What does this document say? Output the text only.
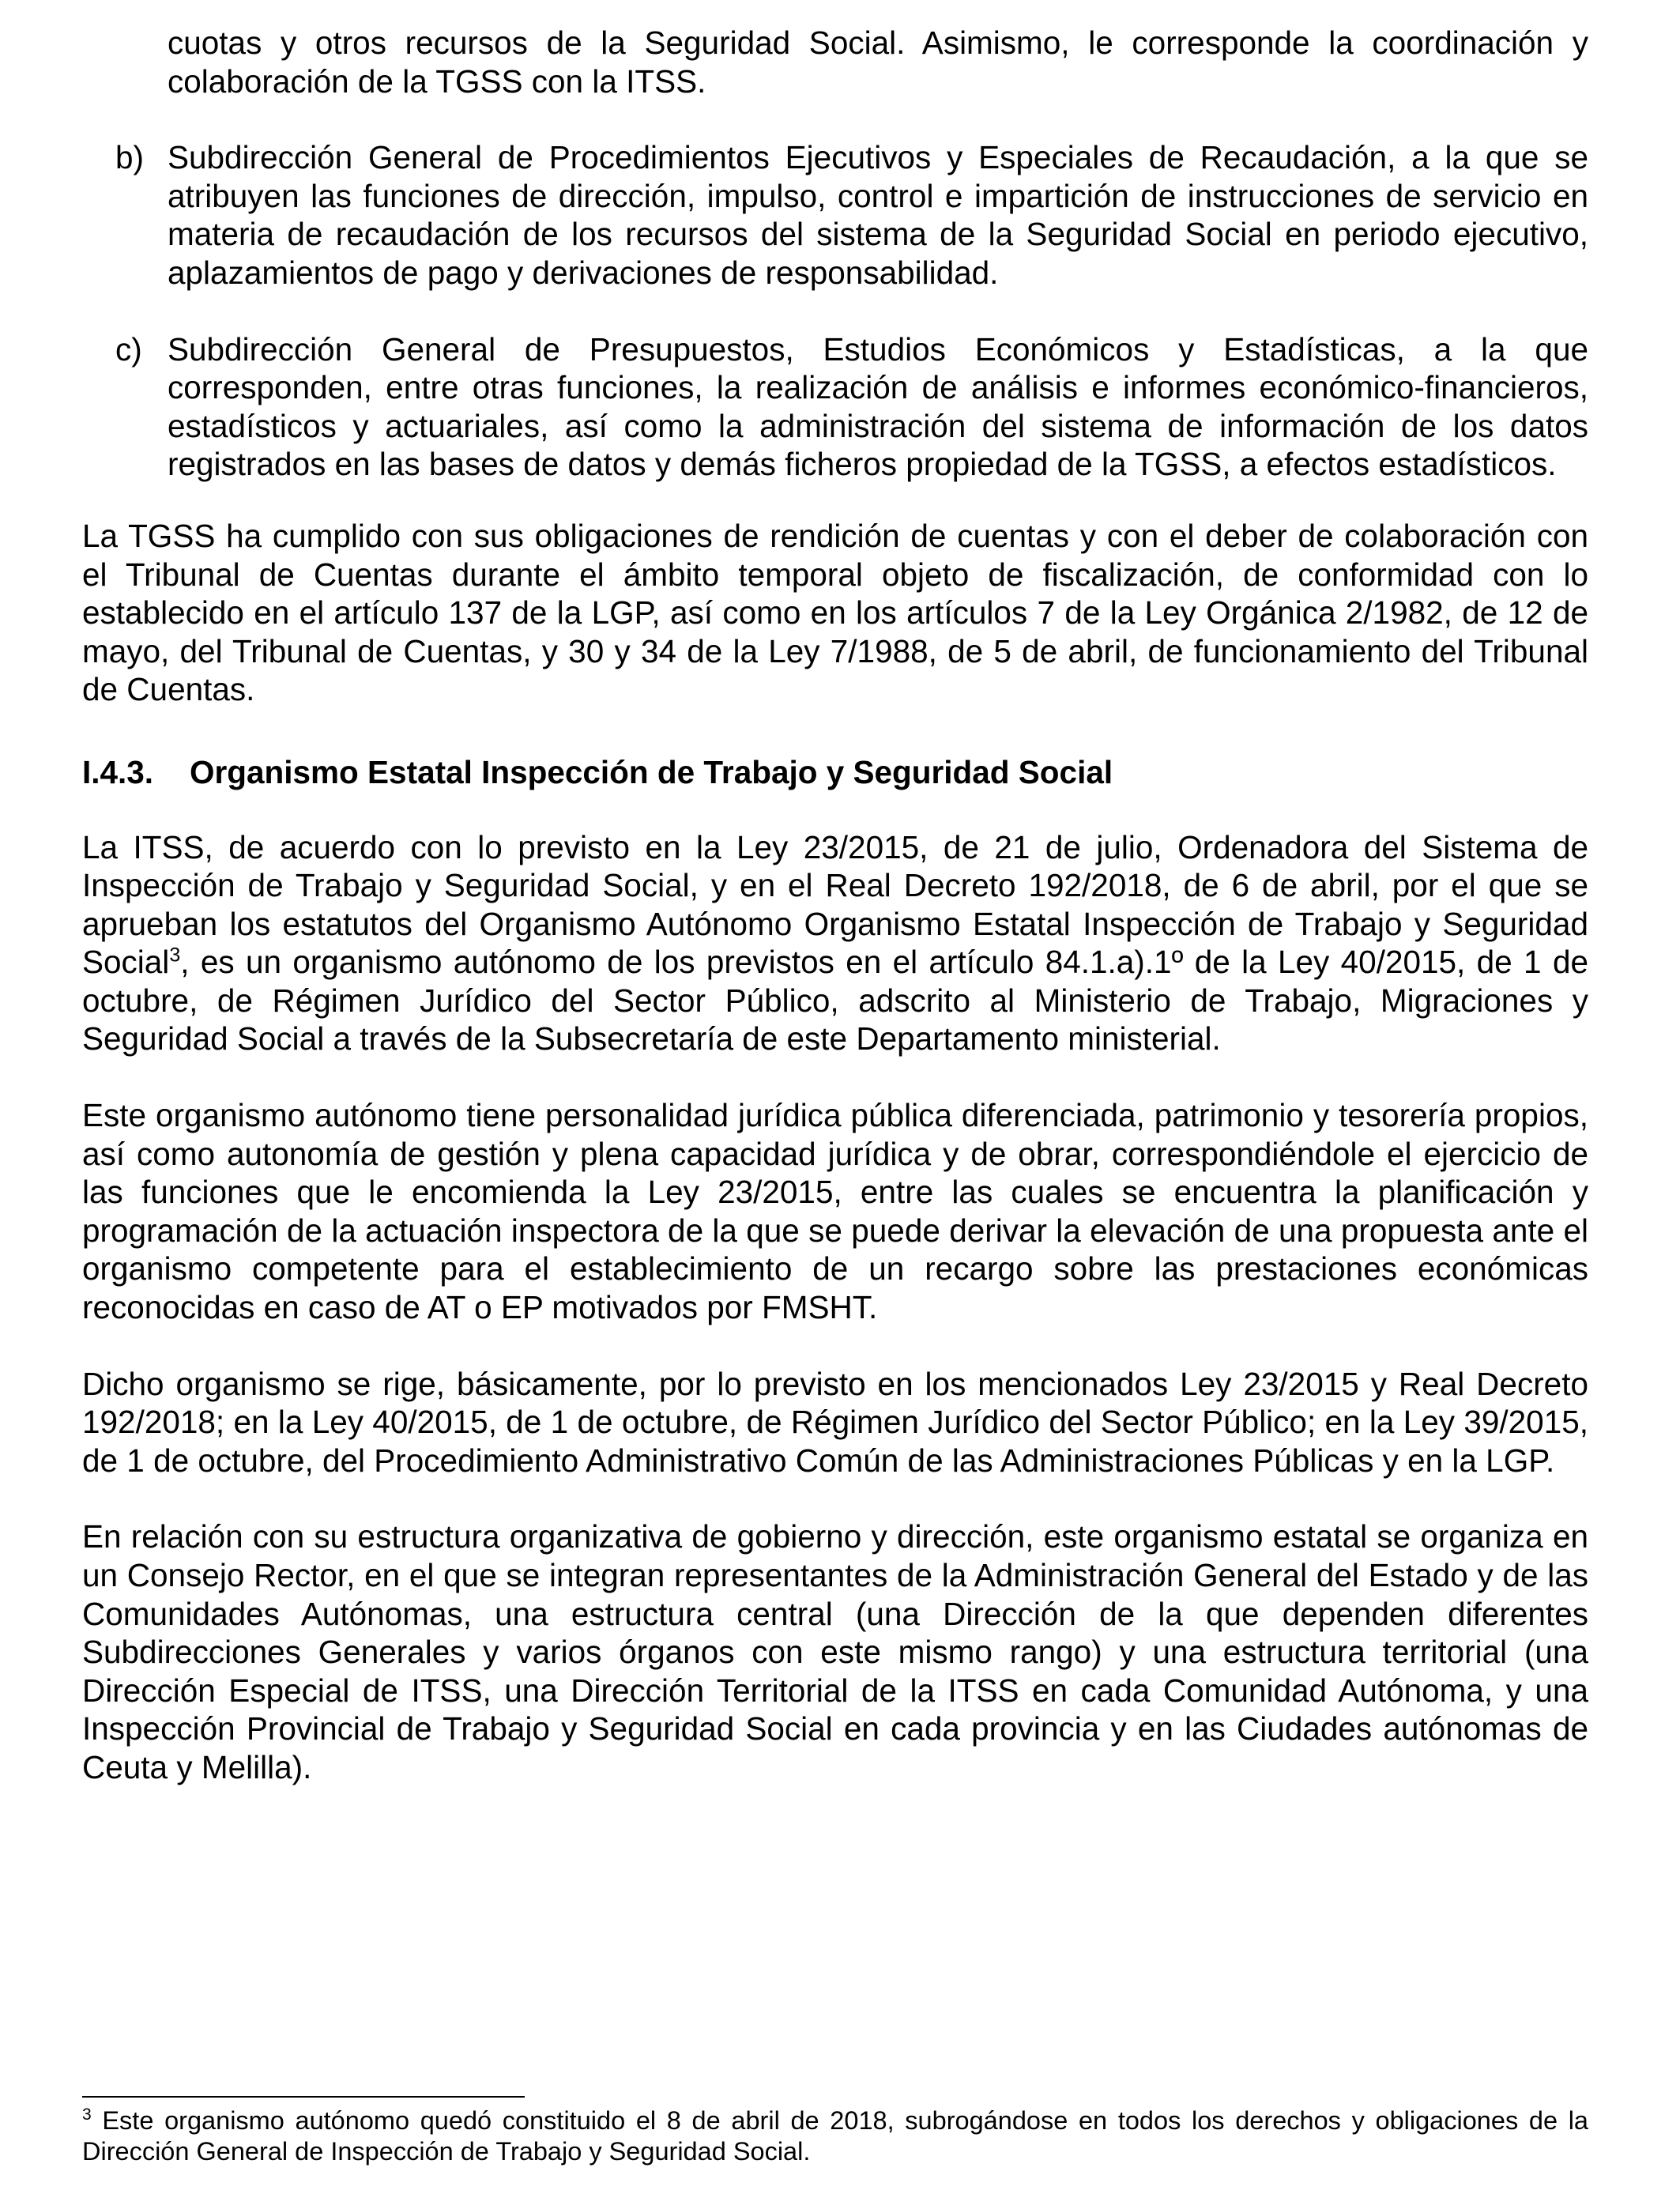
cuotas y otros recursos de la Seguridad Social. Asimismo, le corresponde la coordinación y colaboración de la TGSS con la ITSS.

b) Subdirección General de Procedimientos Ejecutivos y Especiales de Recaudación, a la que se atribuyen las funciones de dirección, impulso, control e impartición de instrucciones de servicio en materia de recaudación de los recursos del sistema de la Seguridad Social en periodo ejecutivo, aplazamientos de pago y derivaciones de responsabilidad.

c) Subdirección General de Presupuestos, Estudios Económicos y Estadísticas, a la que corresponden, entre otras funciones, la realización de análisis e informes económico-financieros, estadísticos y actuariales, así como la administración del sistema de información de los datos registrados en las bases de datos y demás ficheros propiedad de la TGSS, a efectos estadísticos.

La TGSS ha cumplido con sus obligaciones de rendición de cuentas y con el deber de colaboración con el Tribunal de Cuentas durante el ámbito temporal objeto de fiscalización, de conformidad con lo establecido en el artículo 137 de la LGP, así como en los artículos 7 de la Ley Orgánica 2/1982, de 12 de mayo, del Tribunal de Cuentas, y 30 y 34 de la Ley 7/1988, de 5 de abril, de funcionamiento del Tribunal de Cuentas.

I.4.3. Organismo Estatal Inspección de Trabajo y Seguridad Social

La ITSS, de acuerdo con lo previsto en la Ley 23/2015, de 21 de julio, Ordenadora del Sistema de Inspección de Trabajo y Seguridad Social, y en el Real Decreto 192/2018, de 6 de abril, por el que se aprueban los estatutos del Organismo Autónomo Organismo Estatal Inspección de Trabajo y Seguridad Social$^3$, es un organismo autónomo de los previstos en el artículo 84.1.a).1º de la Ley 40/2015, de 1 de octubre, de Régimen Jurídico del Sector Público, adscrito al Ministerio de Trabajo, Migraciones y Seguridad Social a través de la Subsecretaría de este Departamento ministerial.

Este organismo autónomo tiene personalidad jurídica pública diferenciada, patrimonio y tesorería propios, así como autonomía de gestión y plena capacidad jurídica y de obrar, correspondiéndole el ejercicio de las funciones que le encomienda la Ley 23/2015, entre las cuales se encuentra la planificación y programación de la actuación inspectora de la que se puede derivar la elevación de una propuesta ante el organismo competente para el establecimiento de un recargo sobre las prestaciones económicas reconocidas en caso de AT o EP motivados por FMSHT.

Dicho organismo se rige, básicamente, por lo previsto en los mencionados Ley 23/2015 y Real Decreto 192/2018; en la Ley 40/2015, de 1 de octubre, de Régimen Jurídico del Sector Público; en la Ley 39/2015, de 1 de octubre, del Procedimiento Administrativo Común de las Administraciones Públicas y en la LGP.

En relación con su estructura organizativa de gobierno y dirección, este organismo estatal se organiza en un Consejo Rector, en el que se integran representantes de la Administración General del Estado y de las Comunidades Autónomas, una estructura central (una Dirección de la que dependen diferentes Subdirecciones Generales y varios órganos con este mismo rango) y una estructura territorial (una Dirección Especial de ITSS, una Dirección Territorial de la ITSS en cada Comunidad Autónoma, y una Inspección Provincial de Trabajo y Seguridad Social en cada provincia y en las Ciudades autónomas de Ceuta y Melilla).

$^3$ Este organismo autónomo quedó constituido el 8 de abril de 2018, subrogándose en todos los derechos y obligaciones de la Dirección General de Inspección de Trabajo y Seguridad Social.
